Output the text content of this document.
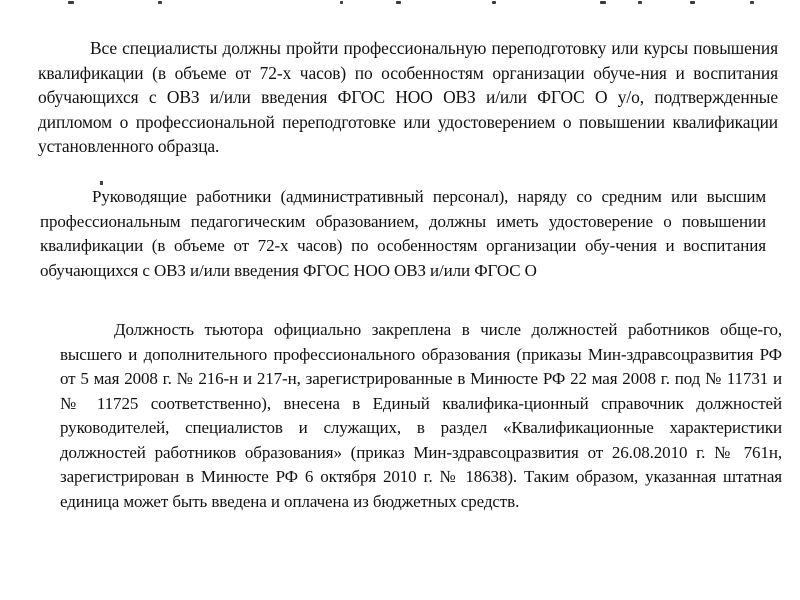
Все специалисты должны пройти профессиональную переподготовку или курсы повышения квалификации (в объеме от 72-х часов) по особенностям организации обуче-ния и воспитания обучающихся с ОВЗ и/или введения ФГОС НОО ОВЗ и/или ФГОС О у/о, подтвержденные дипломом о профессиональной переподготовке или удостоверением о повышении квалификации установленного образца.

Руководящие работники (административный персонал), наряду со средним или высшим профессиональным педагогическим образованием, должны иметь удостоверение о повышении квалификации (в объеме от 72-х часов) по особенностям организации обу-чения и воспитания обучающихся с ОВЗ и/или введения ФГОС НОО ОВЗ и/или ФГОС О

Должность тьютора официально закреплена в числе должностей работников обще-го, высшего и дополнительного профессионального образования (приказы Мин-здравсоцразвития РФ от 5 мая 2008 г. № 216-н и 217-н, зарегистрированные в Минюсте РФ 22 мая 2008 г. под № 11731 и № 11725 соответственно), внесена в Единый квалифика-ционный справочник должностей руководителей, специалистов и служащих, в раздел «Квалификационные характеристики должностей работников образования» (приказ Мин-здравсоцразвития от 26.08.2010 г. № 761н, зарегистрирован в Минюсте РФ 6 октября 2010 г. № 18638). Таким образом, указанная штатная единица может быть введена и оплачена из бюджетных средств.
